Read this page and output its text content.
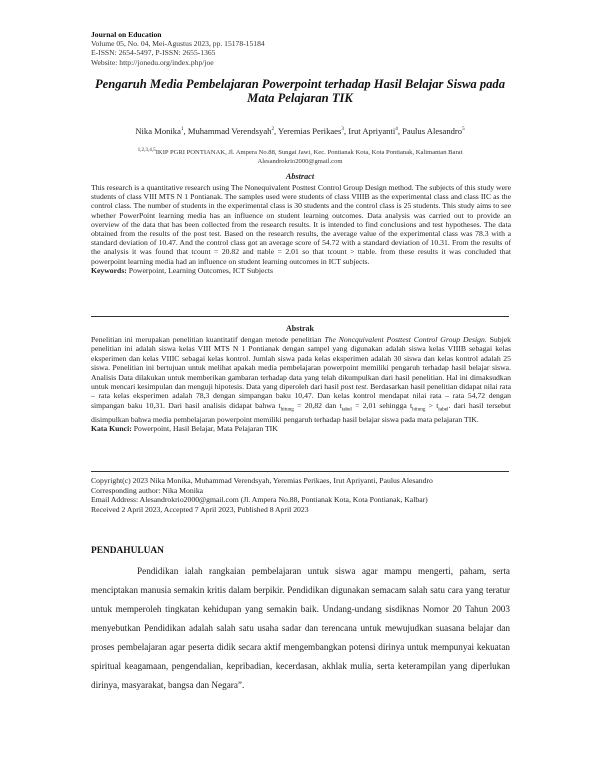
Journal on Education
Volume 05, No. 04, Mei-Agustus 2023, pp. 15178-15184
E-ISSN: 2654-5497, P-ISSN: 2655-1365
Website: http://jonedu.org/index.php/joe
Pengaruh Media Pembelajaran Powerpoint terhadap Hasil Belajar Siswa pada Mata Pelajaran TIK
Nika Monika$^1$, Muhammad Verendsyah$^2$, Yeremias Perikaes$^3$, Irut Apriyanti$^4$, Paulus Alesandro$^5$
$^{1,2,3,4,5}$IKIP PGRI PONTIANAK, Jl. Ampera No.88, Sungai Jawi, Kec. Pontianak Kota, Kota Pontianak, Kalimantan Barat
Alesandrokrio2000@gmail.com
Abstract
This research is a quantitative research using The Nonequivalent Posttest Control Group Design method. The subjects of this study were students of class VIII MTS N 1 Pontianak. The samples used were students of class VIIIB as the experimental class and class IIC as the control class. The number of students in the experimental class is 30 students and the control class is 25 students. This study aims to see whether PowerPoint learning media has an influence on student learning outcomes. Data analysis was carried out to provide an overview of the data that has been collected from the research results. It is intended to find conclusions and test hypotheses. The data obtained from the results of the post test. Based on the research results, the average value of the experimental class was 78.3 with a standard deviation of 10.47. And the control class got an average score of 54.72 with a standard deviation of 10.31. From the results of the analysis it was found that tcount = 20.82 and ttable = 2.01 so that tcount > ttable. from these results it was concluded that powerpoint learning media had an influence on student learning outcomes in ICT subjects.
Keywords: Powerpoint, Learning Outcomes, ICT Subjects
Abstrak
Penelitian ini merupakan penelitian kuantitatif dengan metode penelitian The Noncquivalent Posttest Control Group Design. Subjek penelitian ini adalah siswa kelas VIII MTS N 1 Pontianak dengan sampel yang digunakan adalah siswa kelas VIIIB sebagai kelas eksperimen dan kelas VIIIC sebagai kelas kontrol. Jumlah siswa pada kelas eksperimen adalah 30 siswa dan kelas kontrol adalah 25 siswa. Penelitian ini bertujuan untuk melihat apakah media pembelajaran powerpoint memiliki pengaruh terhadap hasil belajar siswa. Analisis Data dilakukan untuk memberikan gambaran terhadap data yang telah dikumpulkan dari hasil penelitian. Hal ini dimaksudkan untuk mencari kesimpulan dan menguji hipotesis. Data yang diperoleh dari hasil post test. Berdasarkan hasil penelitian didapat nilai rata – rata kelas eksperimen adalah 78,3 dengan simpangan baku 10,47. Dan kelas kontrol mendapat nilai rata – rata 54,72 dengan simpangan baku 10,31. Dari hasil analisis didapat bahwa $t_{hitung} = 20,82$ dan $t_{tabel} = 2,01$ sehingga $t_{hitung} > t_{tabel}$. dari hasil tersebut disimpulkan bahwa media pembelajaran powerpoint memiliki pengaruh terhadap hasil belajar siswa pada mata pelajaran TIK.
Kata Kunci: Powerpoint, Hasil Belajar, Mata Pelajaran TIK
Copyright(c) 2023 Nika Monika, Muhammad Verendsyah, Yeremias Perikaes, Irut Apriyanti, Paulus Alesandro
Corresponding author: Nika Monika
Email Address: Alesandrokrio2000@gmail.com (Jl. Ampera No.88, Pontianak Kota, Kota Pontianak, Kalbar)
Received 2 April 2023, Accepted 7 April 2023, Published 8 April 2023
PENDAHULUAN
Pendidikan ialah rangkaian pembelajaran untuk siswa agar mampu mengerti, paham, serta menciptakan manusia semakin kritis dalam berpikir. Pendidikan digunakan semacam salah satu cara yang teratur untuk memperoleh tingkatan kehidupan yang semakin baik. Undang-undang sisdiknas Nomor 20 Tahun 2003 menyebutkan Pendidikan adalah salah satu usaha sadar dan terencana untuk mewujudkan suasana belajar dan proses pembelajaran agar peserta didik secara aktif mengembangkan potensi dirinya untuk mempunyai kekuatan spiritual keagamaan, pengendalian, kepribadian, kecerdasan, akhlak mulia, serta keterampilan yang diperlukan dirinya, masyarakat, bangsa dan Negara”.
